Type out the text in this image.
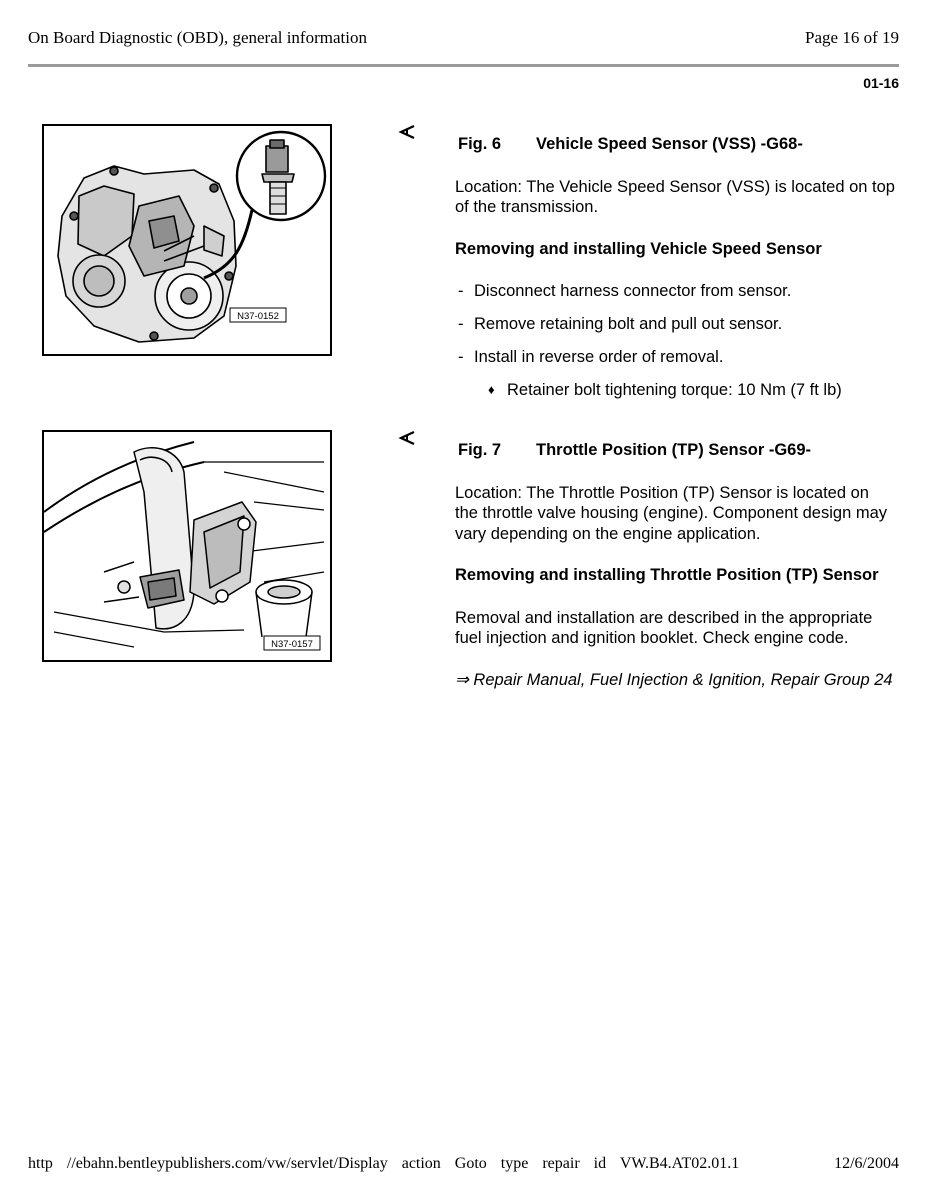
On Board Diagnostic (OBD), general information	Page 16 of 19
01-16
N37-0152
Fig. 6 Vehicle Speed Sensor (VSS) -G68-
Location: The Vehicle Speed Sensor (VSS) is located on top of the transmission.
Removing and installing Vehicle Speed Sensor
- Disconnect harness connector from sensor.
- Remove retaining bolt and pull out sensor.
- Install in reverse order of removal.
♦ Retainer bolt tightening torque: 10 Nm (7 ft lb)
N37-0157
Fig. 7 Throttle Position (TP) Sensor -G69-
Location: The Throttle Position (TP) Sensor is located on the throttle valve housing (engine). Component design may vary depending on the engine application.
Removing and installing Throttle Position (TP) Sensor
Removal and installation are described in the appropriate fuel injection and ignition booklet. Check engine code.
⇒ Repair Manual, Fuel Injection & Ignition, Repair Group 24
http //ebahn.bentleypublishers.com/vw/servlet/Display action Goto type repair id VW.B4.AT02.01.1	12/6/2004
